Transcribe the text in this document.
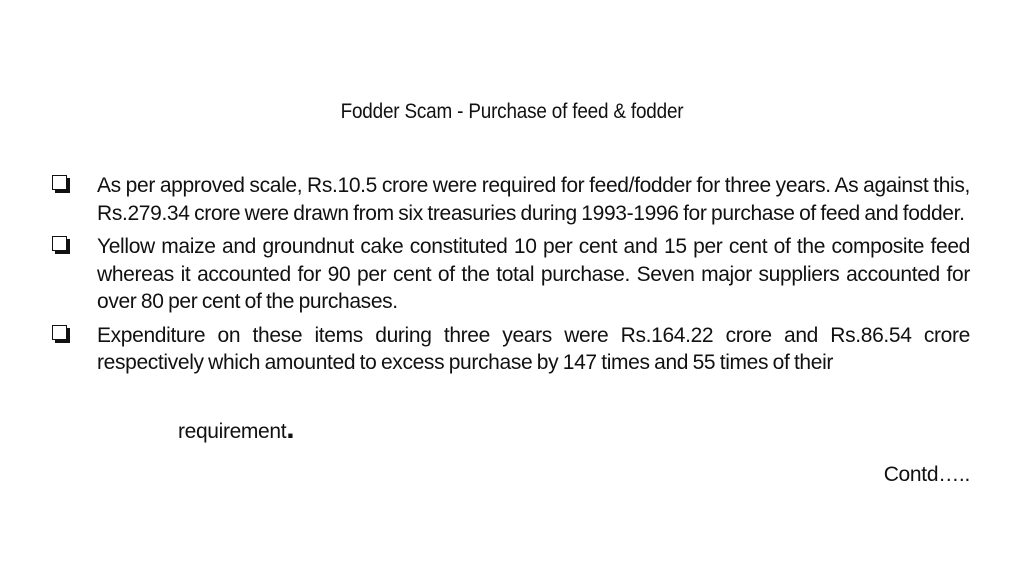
Fodder Scam - Purchase of feed & fodder
As per approved scale, Rs.10.5 crore were required for feed/fodder for three years. As against this, Rs.279.34 crore were drawn from six treasuries during 1993-1996 for purchase of feed and fodder.
Yellow maize and groundnut cake constituted 10 per cent and 15 per cent of the composite feed whereas it accounted for 90 per cent of the total purchase. Seven major suppliers accounted for over 80 per cent of the purchases.
Expenditure on these items during three years were Rs.164.22 crore and Rs.86.54 crore respectively which amounted to excess purchase by 147 times and 55 times of their
requirement.
Contd…..
